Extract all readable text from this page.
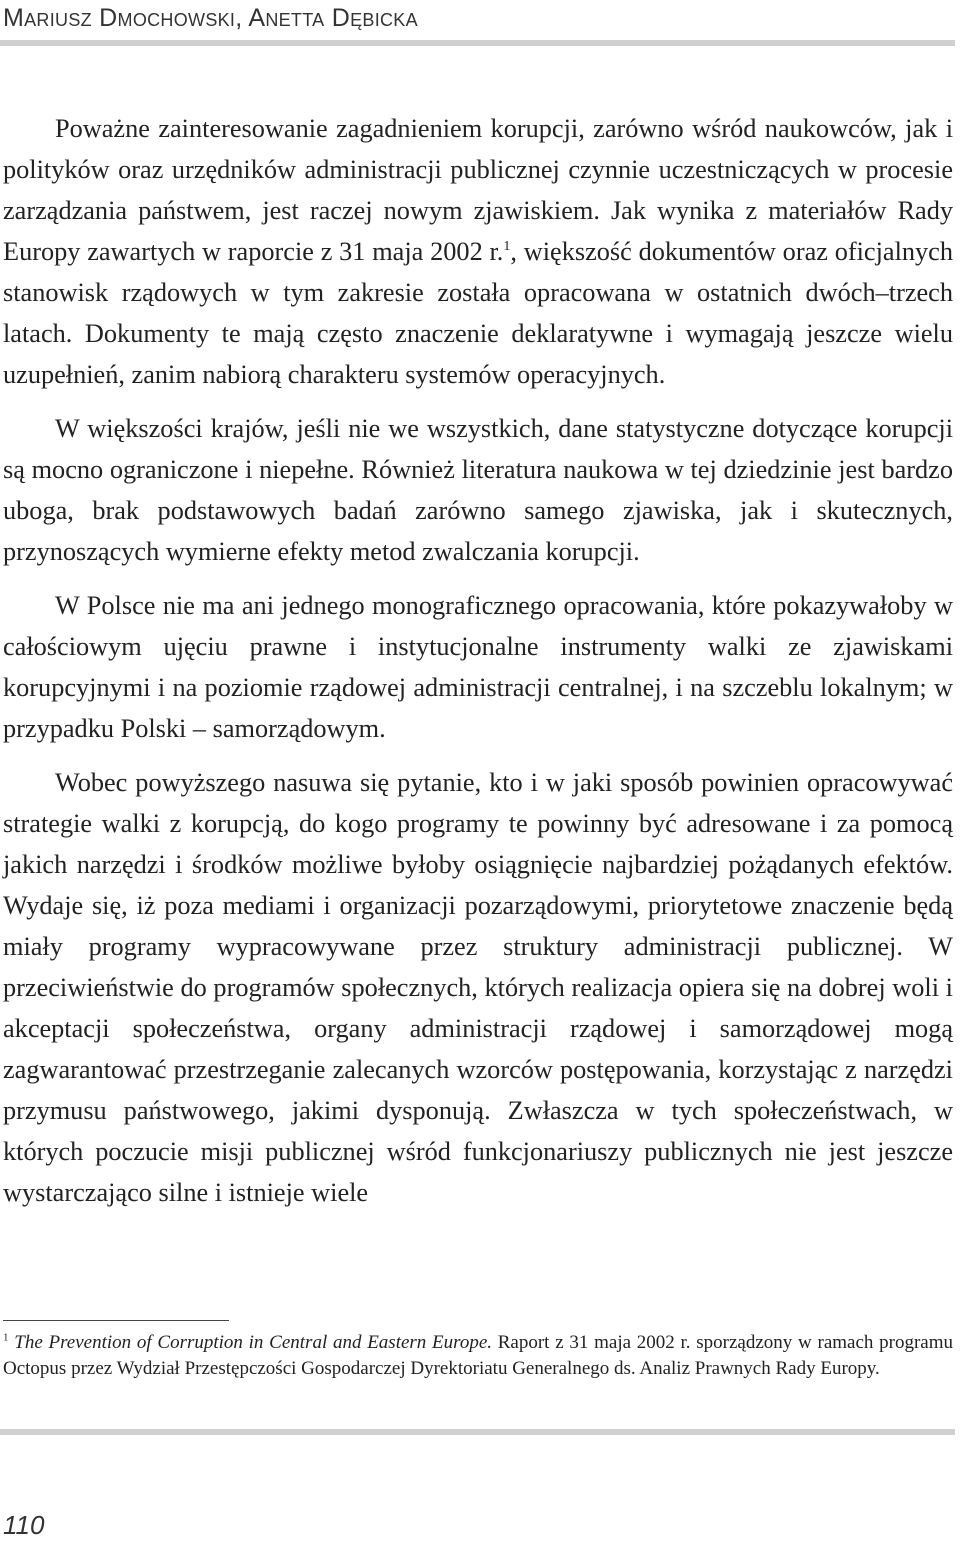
Mariusz Dmochowski, Anetta Dębicka

Poważne zainteresowanie zagadnieniem korupcji, zarówno wśród naukowców, jak i polityków oraz urzędników administracji publicznej czynnie uczestniczących w procesie zarządzania państwem, jest raczej nowym zjawiskiem. Jak wynika z materiałów Rady Europy zawartych w raporcie z 31 maja 2002 r.$^1$, większość dokumentów oraz oficjalnych stanowisk rządowych w tym zakresie została opracowana w ostatnich dwóch–trzech latach. Dokumenty te mają często znaczenie deklaratywne i wymagają jeszcze wielu uzupełnień, zanim nabiorą charakteru systemów operacyjnych.

W większości krajów, jeśli nie we wszystkich, dane statystyczne dotyczące korupcji są mocno ograniczone i niepełne. Również literatura naukowa w tej dziedzinie jest bardzo uboga, brak podstawowych badań zarówno samego zjawiska, jak i skutecznych, przynoszących wymierne efekty metod zwalczania korupcji.

W Polsce nie ma ani jednego monograficznego opracowania, które pokazywałoby w całościowym ujęciu prawne i instytucjonalne instrumenty walki ze zjawiskami korupcyjnymi i na poziomie rządowej administracji centralnej, i na szczeblu lokalnym; w przypadku Polski – samorządowym.

Wobec powyższego nasuwa się pytanie, kto i w jaki sposób powinien opracowywać strategie walki z korupcją, do kogo programy te powinny być adresowane i za pomocą jakich narzędzi i środków możliwe byłoby osiągnięcie najbardziej pożądanych efektów. Wydaje się, iż poza mediami i organizacji pozarządowymi, priorytetowe znaczenie będą miały programy wypracowywane przez struktury administracji publicznej. W przeciwieństwie do programów społecznych, których realizacja opiera się na dobrej woli i akceptacji społeczeństwa, organy administracji rządowej i samorządowej mogą zagwarantować przestrzeganie zalecanych wzorców postępowania, korzystając z narzędzi przymusu państwowego, jakimi dysponują. Zwłaszcza w tych społeczeństwach, w których poczucie misji publicznej wśród funkcjonariuszy publicznych nie jest jeszcze wystarczająco silne i istnieje wiele

$^1$ The Prevention of Corruption in Central and Eastern Europe. Raport z 31 maja 2002 r. sporządzony w ramach programu Octopus przez Wydział Przestępczości Gospodarczej Dyrektoriatu Generalnego ds. Analiz Prawnych Rady Europy.

110
